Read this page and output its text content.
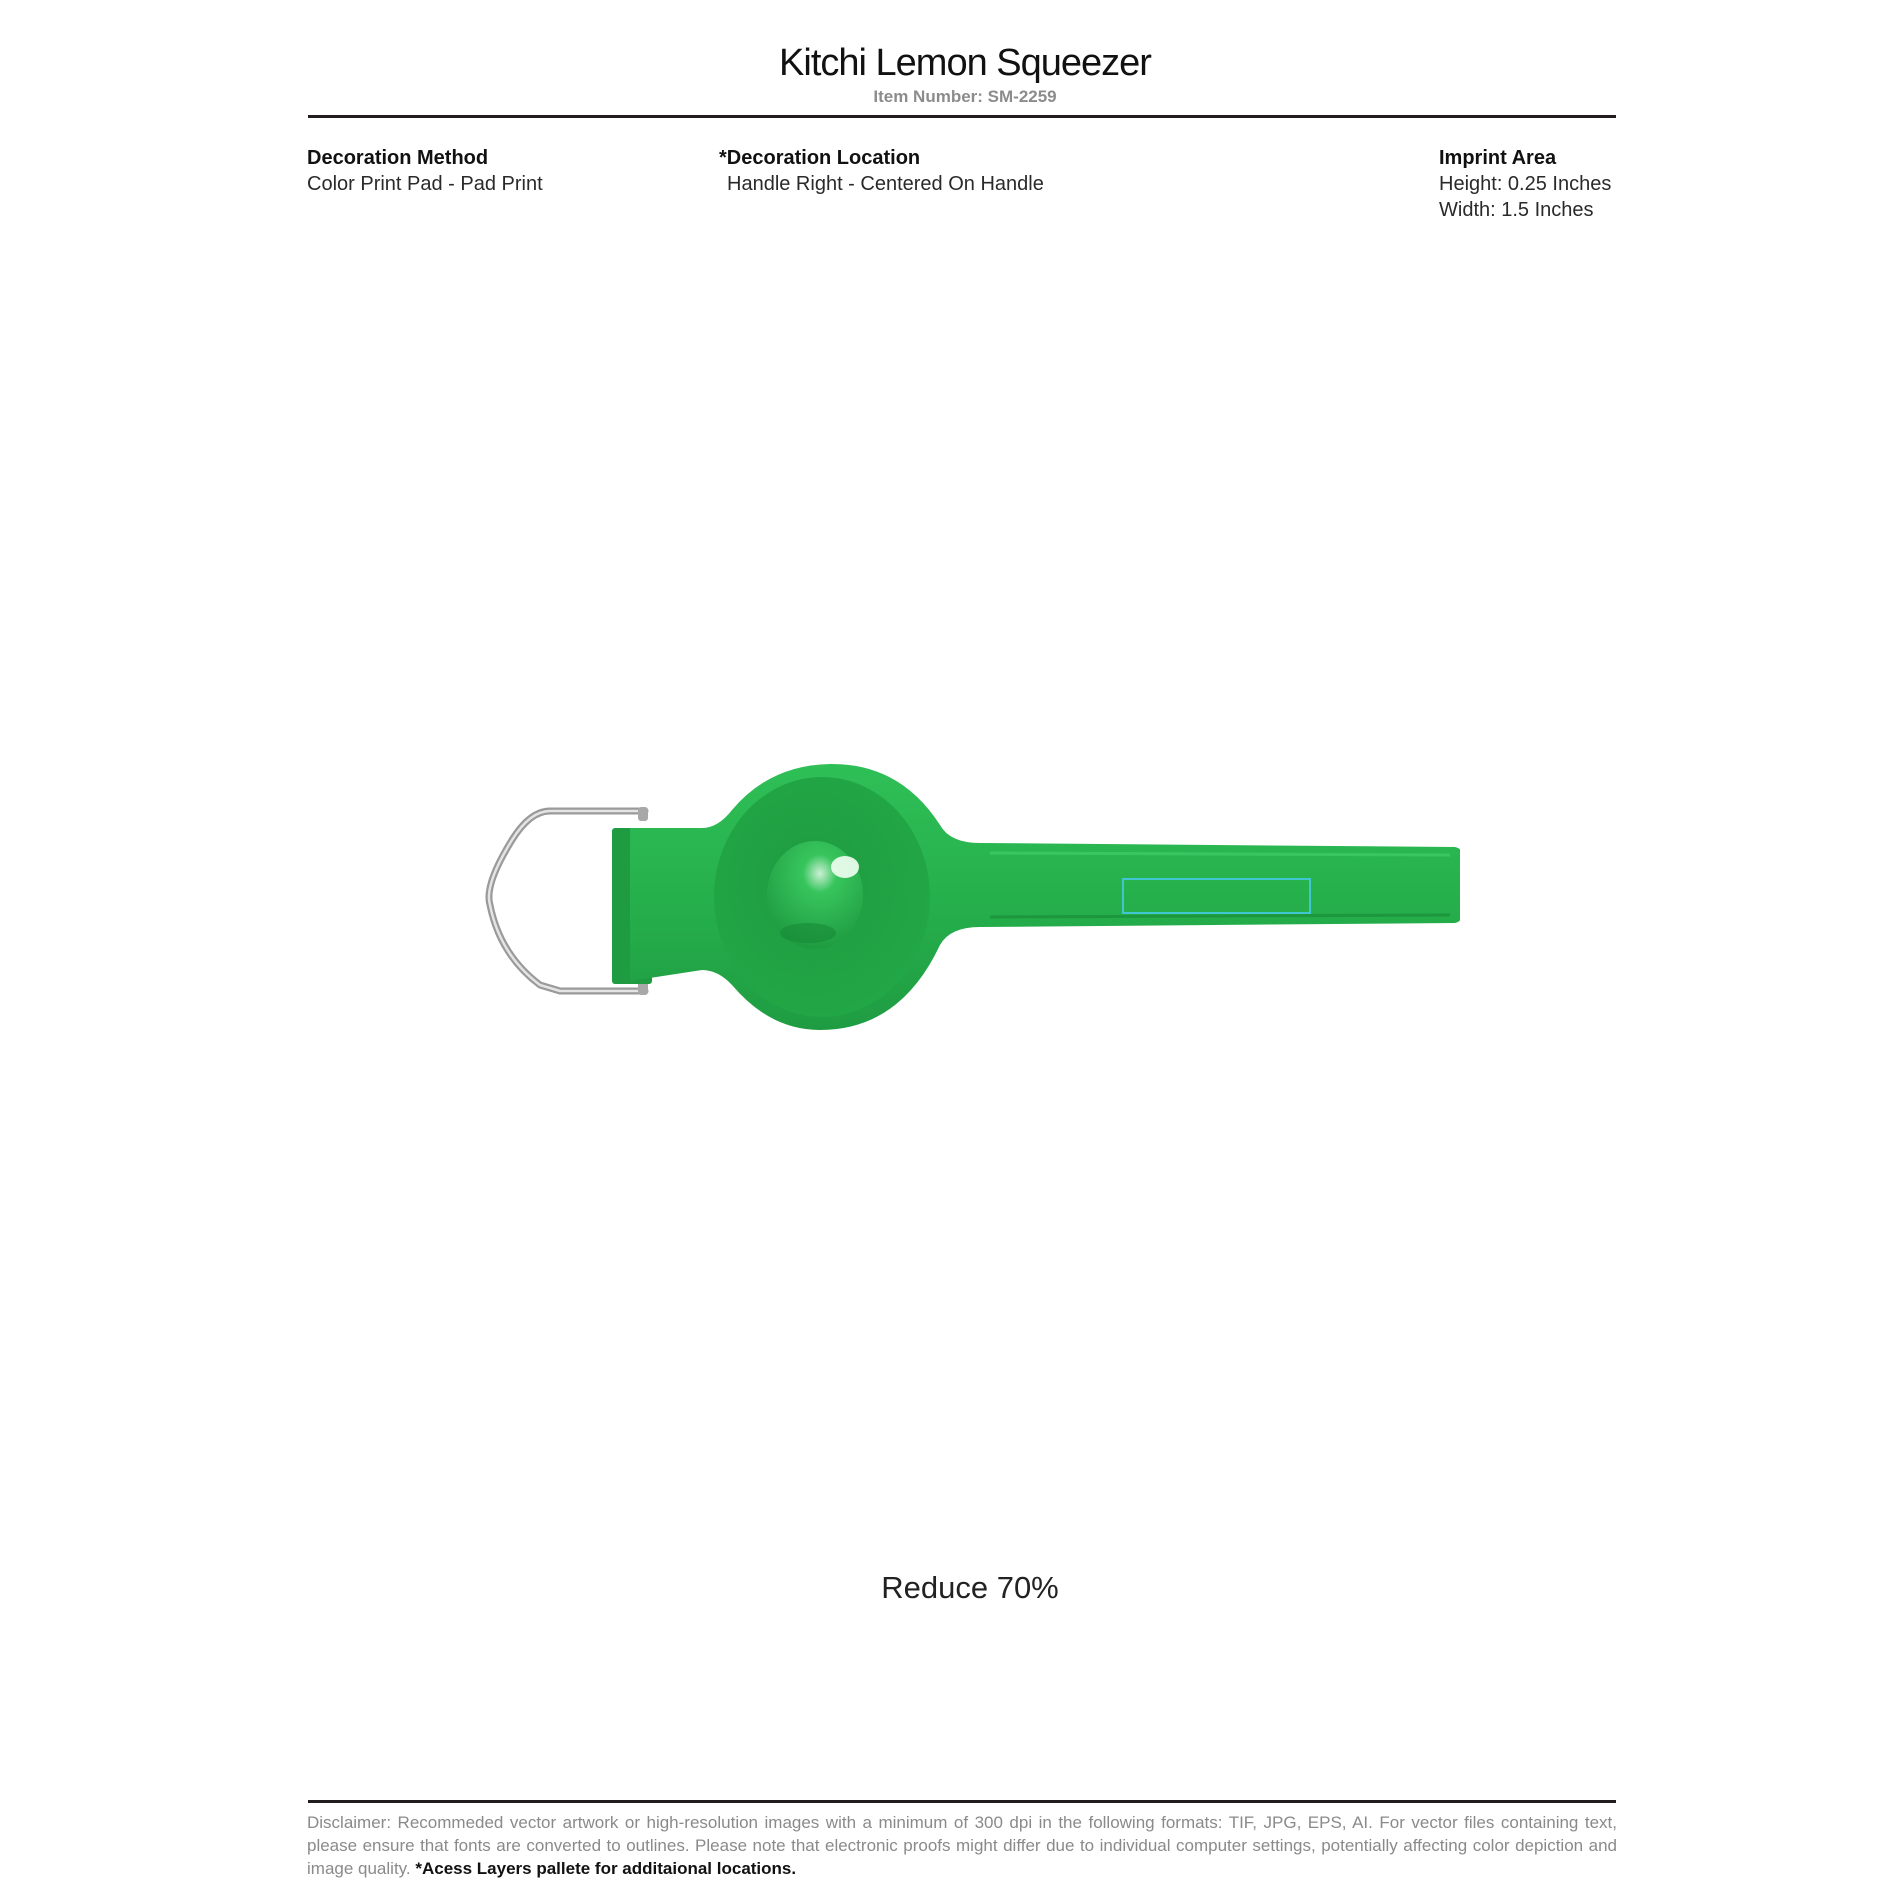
Kitchi Lemon Squeezer
Item Number: SM-2259
Decoration Method
Color Print Pad - Pad Print
*Decoration Location
Handle Right - Centered On Handle
Imprint Area
Height: 0.25 Inches
Width: 1.5 Inches
Reduce 70%
Disclaimer: Recommeded vector artwork or high-resolution images with a minimum of 300 dpi in the following formats: TIF, JPG, EPS, AI. For vector files containing text, please ensure that fonts are converted to outlines. Please note that electronic proofs might differ due to individual computer settings, potentially affecting color depiction and image quality. *Acess Layers pallete for additaional locations.
